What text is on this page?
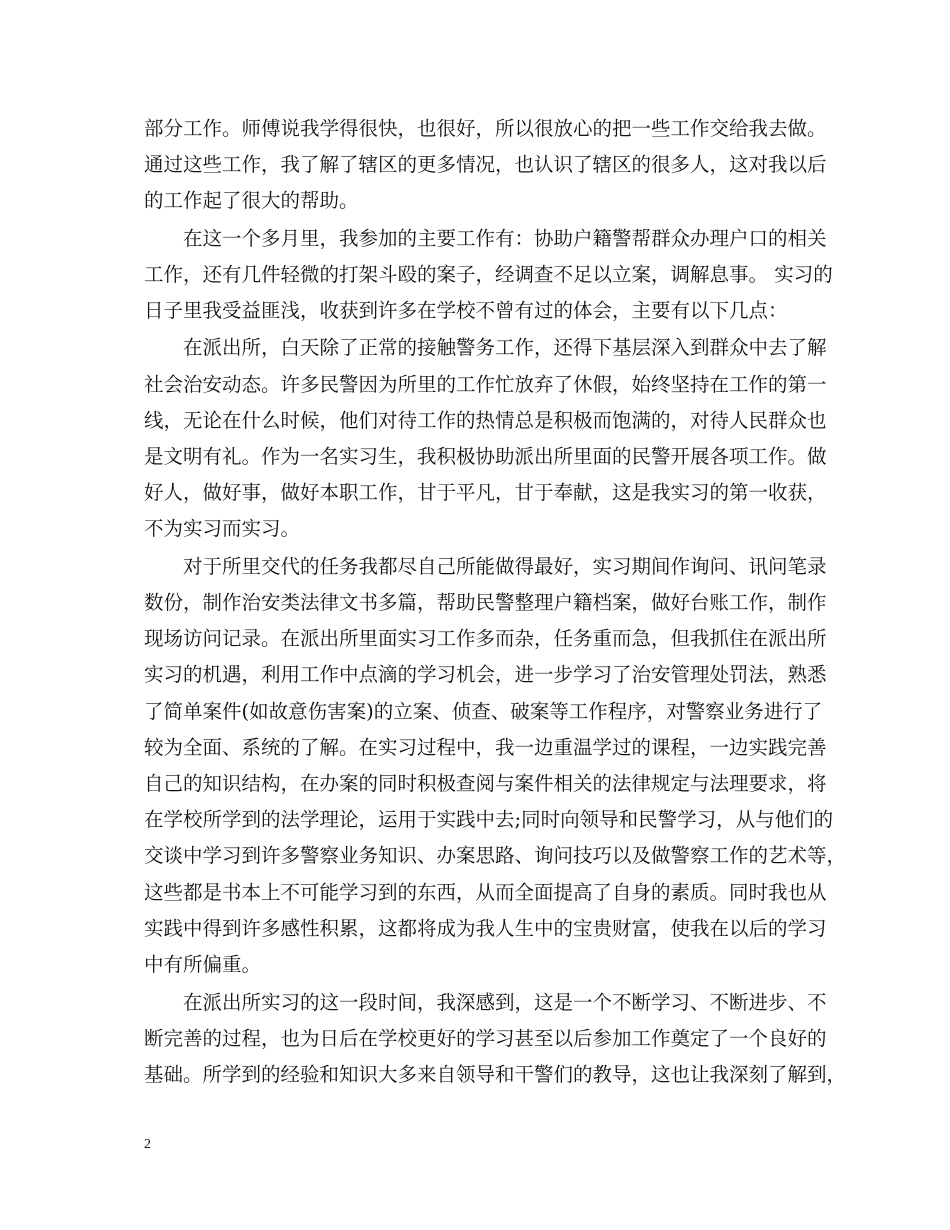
部分工作。师傅说我学得很快，也很好，所以很放心的把一些工作交给我去做。
通过这些工作，我了解了辖区的更多情况，也认识了辖区的很多人，这对我以后
的工作起了很大的帮助。
在这一个多月里，我参加的主要工作有：协助户籍警帮群众办理户口的相关
工作，还有几件轻微的打架斗殴的案子，经调查不足以立案，调解息事。 实习的
日子里我受益匪浅，收获到许多在学校不曾有过的体会，主要有以下几点：
在派出所，白天除了正常的接触警务工作，还得下基层深入到群众中去了解
社会治安动态。许多民警因为所里的工作忙放弃了休假，始终坚持在工作的第一
线，无论在什么时候，他们对待工作的热情总是积极而饱满的，对待人民群众也
是文明有礼。作为一名实习生，我积极协助派出所里面的民警开展各项工作。做
好人，做好事，做好本职工作，甘于平凡，甘于奉献，这是我实习的第一收获，
不为实习而实习。
对于所里交代的任务我都尽自己所能做得最好，实习期间作询问、讯问笔录
数份，制作治安类法律文书多篇，帮助民警整理户籍档案，做好台账工作，制作
现场访问记录。在派出所里面实习工作多而杂，任务重而急，但我抓住在派出所
实习的机遇，利用工作中点滴的学习机会，进一步学习了治安管理处罚法，熟悉
了简单案件(如故意伤害案)的立案、侦查、破案等工作程序，对警察业务进行了
较为全面、系统的了解。在实习过程中，我一边重温学过的课程，一边实践完善
自己的知识结构，在办案的同时积极查阅与案件相关的法律规定与法理要求，将
在学校所学到的法学理论，运用于实践中去;同时向领导和民警学习，从与他们的
交谈中学习到许多警察业务知识、办案思路、询问技巧以及做警察工作的艺术等，
这些都是书本上不可能学习到的东西，从而全面提高了自身的素质。同时我也从
实践中得到许多感性积累，这都将成为我人生中的宝贵财富，使我在以后的学习
中有所偏重。
在派出所实习的这一段时间，我深感到，这是一个不断学习、不断进步、不
断完善的过程，也为日后在学校更好的学习甚至以后参加工作奠定了一个良好的
基础。所学到的经验和知识大多来自领导和干警们的教导，这也让我深刻了解到，
2
